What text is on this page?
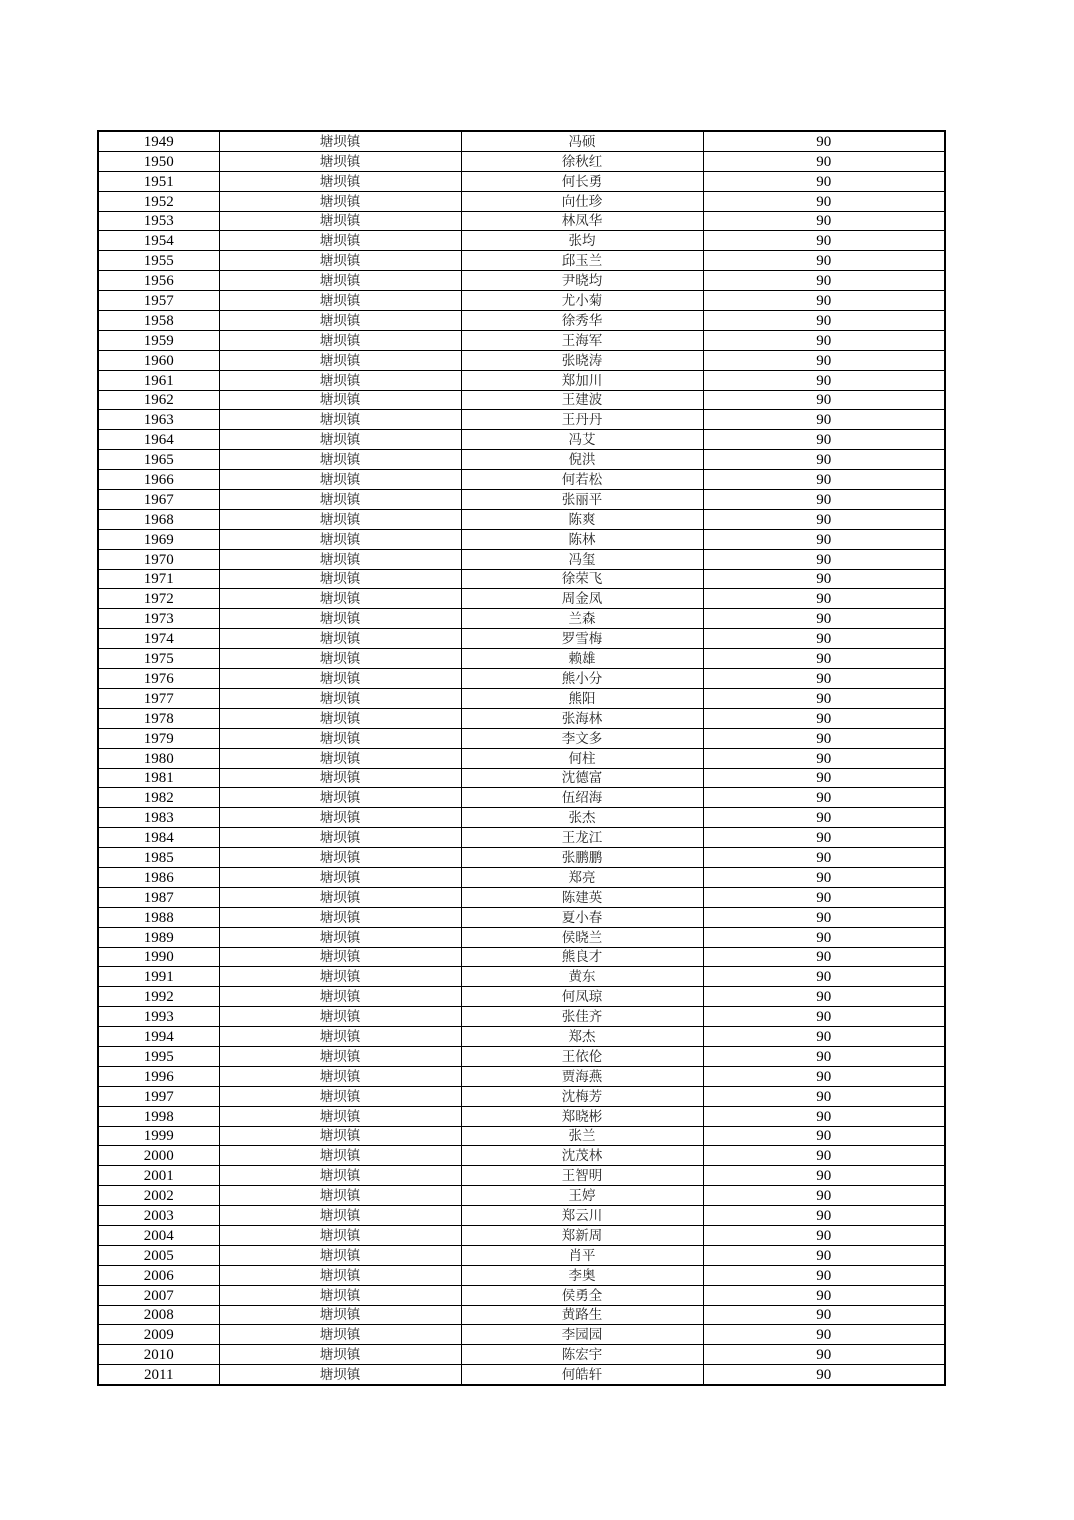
1949	塘坝镇	冯硕	90
1950	塘坝镇	徐秋红	90
1951	塘坝镇	何长勇	90
1952	塘坝镇	向仕珍	90
1953	塘坝镇	林凤华	90
1954	塘坝镇	张均	90
1955	塘坝镇	邱玉兰	90
1956	塘坝镇	尹晓均	90
1957	塘坝镇	尤小菊	90
1958	塘坝镇	徐秀华	90
1959	塘坝镇	王海军	90
1960	塘坝镇	张晓涛	90
1961	塘坝镇	郑加川	90
1962	塘坝镇	王建波	90
1963	塘坝镇	王丹丹	90
1964	塘坝镇	冯艾	90
1965	塘坝镇	倪洪	90
1966	塘坝镇	何若松	90
1967	塘坝镇	张丽平	90
1968	塘坝镇	陈爽	90
1969	塘坝镇	陈林	90
1970	塘坝镇	冯玺	90
1971	塘坝镇	徐荣飞	90
1972	塘坝镇	周金凤	90
1973	塘坝镇	兰森	90
1974	塘坝镇	罗雪梅	90
1975	塘坝镇	赖雄	90
1976	塘坝镇	熊小分	90
1977	塘坝镇	熊阳	90
1978	塘坝镇	张海林	90
1979	塘坝镇	李文多	90
1980	塘坝镇	何柱	90
1981	塘坝镇	沈德富	90
1982	塘坝镇	伍绍海	90
1983	塘坝镇	张杰	90
1984	塘坝镇	王龙江	90
1985	塘坝镇	张鹏鹏	90
1986	塘坝镇	郑亮	90
1987	塘坝镇	陈建英	90
1988	塘坝镇	夏小春	90
1989	塘坝镇	侯晓兰	90
1990	塘坝镇	熊良才	90
1991	塘坝镇	黄东	90
1992	塘坝镇	何凤琼	90
1993	塘坝镇	张佳齐	90
1994	塘坝镇	郑杰	90
1995	塘坝镇	王依伦	90
1996	塘坝镇	贾海燕	90
1997	塘坝镇	沈梅芳	90
1998	塘坝镇	郑晓彬	90
1999	塘坝镇	张兰	90
2000	塘坝镇	沈茂林	90
2001	塘坝镇	王智明	90
2002	塘坝镇	王婷	90
2003	塘坝镇	郑云川	90
2004	塘坝镇	郑新周	90
2005	塘坝镇	肖平	90
2006	塘坝镇	李奥	90
2007	塘坝镇	侯勇全	90
2008	塘坝镇	黄路生	90
2009	塘坝镇	李园园	90
2010	塘坝镇	陈宏宇	90
2011	塘坝镇	何皓轩	90
